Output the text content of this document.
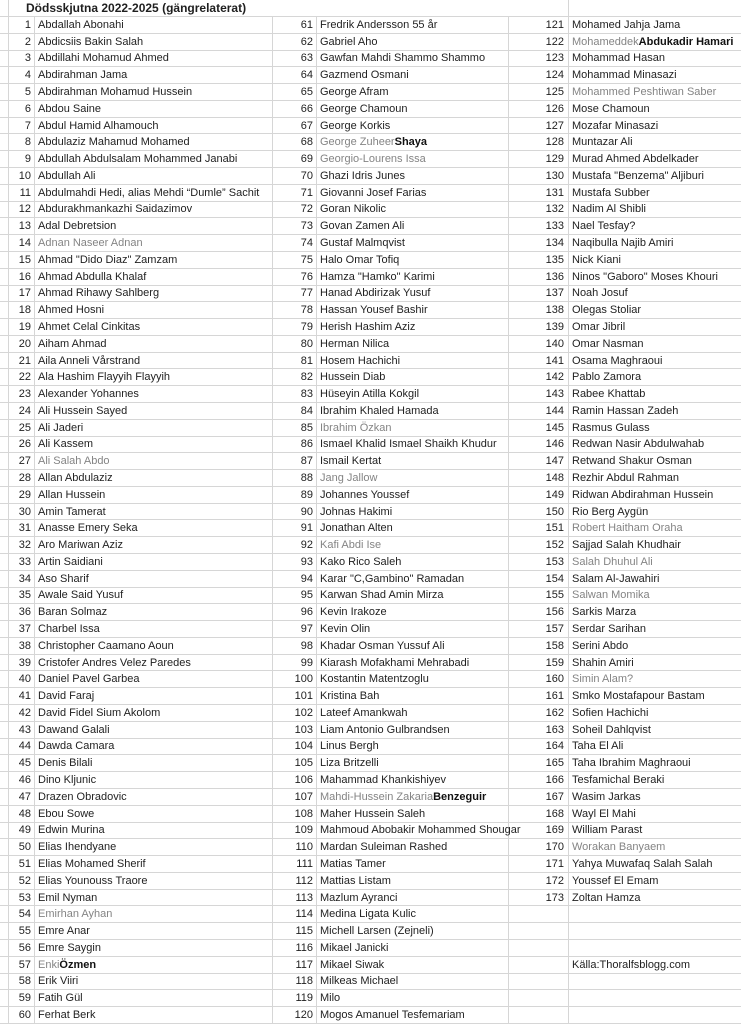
Dödsskjutna 2022-2025 (gängrelaterat)
1 Abdallah Abonahi	61 Fredrik Andersson 55 år	121 Mohamed Jahja Jama
2 Abdicsiis Bakin Salah	62 Gabriel Aho	122 Mohameddek Abdukadir Hamari
3 Abdillahi Mohamud Ahmed	63 Gawfan Mahdi Shammo Shammo	123 Mohammad Hasan
4 Abdirahman Jama	64 Gazmend Osmani	124 Mohammad Minasazi
5 Abdirahman Mohamud Hussein	65 George Afram	125 Mohammed Peshtiwan Saber
6 Abdou Saine	66 George Chamoun	126 Mose Chamoun
7 Abdul Hamid Alhamouch	67 George Korkis	127 Mozafar Minasazi
8 Abdulaziz Mahamud Mohamed	68 George Zuheer Shaya	128 Muntazar Ali
9 Abdullah Abdulsalam Mohammed Janabi	69 Georgio-Lourens Issa	129 Murad Ahmed Abdelkader
10 Abdullah Ali	70 Ghazi Idris Junes	130 Mustafa "Benzema" Aljiburi
11 Abdulmahdi Hedi, alias Mehdi “Dumle” Sachit	71 Giovanni Josef Farias	131 Mustafa Subber
12 Abdurakhmankazhi Saidazimov	72 Goran Nikolic	132 Nadim Al Shibli
13 Adal Debretsion	73 Govan Zamen Ali	133 Nael Tesfay?
14 Adnan Naseer Adnan	74 Gustaf Malmqvist	134 Naqibulla Najib Amiri
15 Ahmad "Dido Diaz" Zamzam	75 Halo Omar Tofiq	135 Nick Kiani
16 Ahmad Abdulla Khalaf	76 Hamza "Hamko" Karimi	136 Ninos "Gaboro" Moses Khouri
17 Ahmad Rihawy Sahlberg	77 Hanad Abdirizak Yusuf	137 Noah Josuf
18 Ahmed Hosni	78 Hassan Yousef Bashir	138 Olegas Stoliar
19 Ahmet Celal Cinkitas	79 Herish Hashim Aziz	139 Omar Jibril
20 Aiham Ahmad	80 Herman Nilica	140 Omar Nasman
21 Aila Anneli Vårstrand	81 Hosem Hachichi	141 Osama Maghraoui
22 Ala Hashim Flayyih Flayyih	82 Hussein Diab	142 Pablo Zamora
23 Alexander Yohannes	83 Hüseyin Atilla Kokgil	143 Rabee Khattab
24 Ali Hussein Sayed	84 Ibrahim Khaled Hamada	144 Ramin Hassan Zadeh
25 Ali Jaderi	85 Ibrahim Özkan	145 Rasmus Gulass
26 Ali Kassem	86 Ismael Khalid Ismael Shaikh Khudur	146 Redwan Nasir Abdulwahab
27 Ali Salah Abdo	87 Ismail Kertat	147 Retwand Shakur Osman
28 Allan Abdulaziz	88 Jang Jallow	148 Rezhir Abdul Rahman
29 Allan Hussein	89 Johannes Youssef	149 Ridwan Abdirahman Hussein
30 Amin Tamerat	90 Johnas Hakimi	150 Rio Berg Aygün
31 Anasse Emery Seka	91 Jonathan Alten	151 Robert Haitham Oraha
32 Aro Mariwan Aziz	92 Kafi Abdi Ise	152 Sajjad Salah Khudhair
33 Artin Saidiani	93 Kako Rico Saleh	153 Salah Dhuhul Ali
34 Aso Sharif	94 Karar "C,Gambino" Ramadan	154 Salam Al-Jawahiri
35 Awale Said Yusuf	95 Karwan Shad Amin Mirza	155 Salwan Momika
36 Baran Solmaz	96 Kevin Irakoze	156 Sarkis Marza
37 Charbel Issa	97 Kevin Olin	157 Serdar Sarihan
38 Christopher Caamano Aoun	98 Khadar Osman Yussuf Ali	158 Serini Abdo
39 Cristofer Andres Velez Paredes	99 Kiarash Mofakhami Mehrabadi	159 Shahin Amiri
40 Daniel Pavel Garbea	100 Kostantin Matentzoglu	160 Simin Alam?
41 David Faraj	101 Kristina Bah	161 Smko Mostafapour Bastam
42 David Fidel Sium Akolom	102 Lateef Amankwah	162 Sofien Hachichi
43 Dawand Galali	103 Liam Antonio Gulbrandsen	163 Soheil Dahlqvist
44 Dawda Camara	104 Linus Bergh	164 Taha El Ali
45 Denis Bilali	105 Liza Britzelli	165 Taha Ibrahim Maghraoui
46 Dino Kljunic	106 Mahammad Khankishiyev	166 Tesfamichal Beraki
47 Drazen Obradovic	107 Mahdi-Hussein Zakaria Benzeguir	167 Wasim Jarkas
48 Ebou Sowe	108 Maher Hussein Saleh	168 Wayl El Mahi
49 Edwin Murina	109 Mahmoud Abobakir Mohammed Shougar	169 William Parast
50 Elias Ihendyane	110 Mardan Suleiman Rashed	170 Worakan Banyaem
51 Elias Mohamed Sherif	111 Matias Tamer	171 Yahya Muwafaq Salah Salah
52 Elias Younouss Traore	112 Mattias Listam	172 Youssef El Emam
53 Emil Nyman	113 Mazlum Ayranci	173 Zoltan Hamza
54 Emirhan Ayhan	114 Medina Ligata Kulic
55 Emre Anar	115 Michell Larsen (Zejneli)
56 Emre Saygin	116 Mikael Janicki
57 Enki Özmen	117 Mikael Siwak	Källa:Thoralfsblogg.com
58 Erik Viiri	118 Milkeas Michael
59 Fatih Gül	119 Milo
60 Ferhat Berk	120 Mogos Amanuel Tesfemariam
